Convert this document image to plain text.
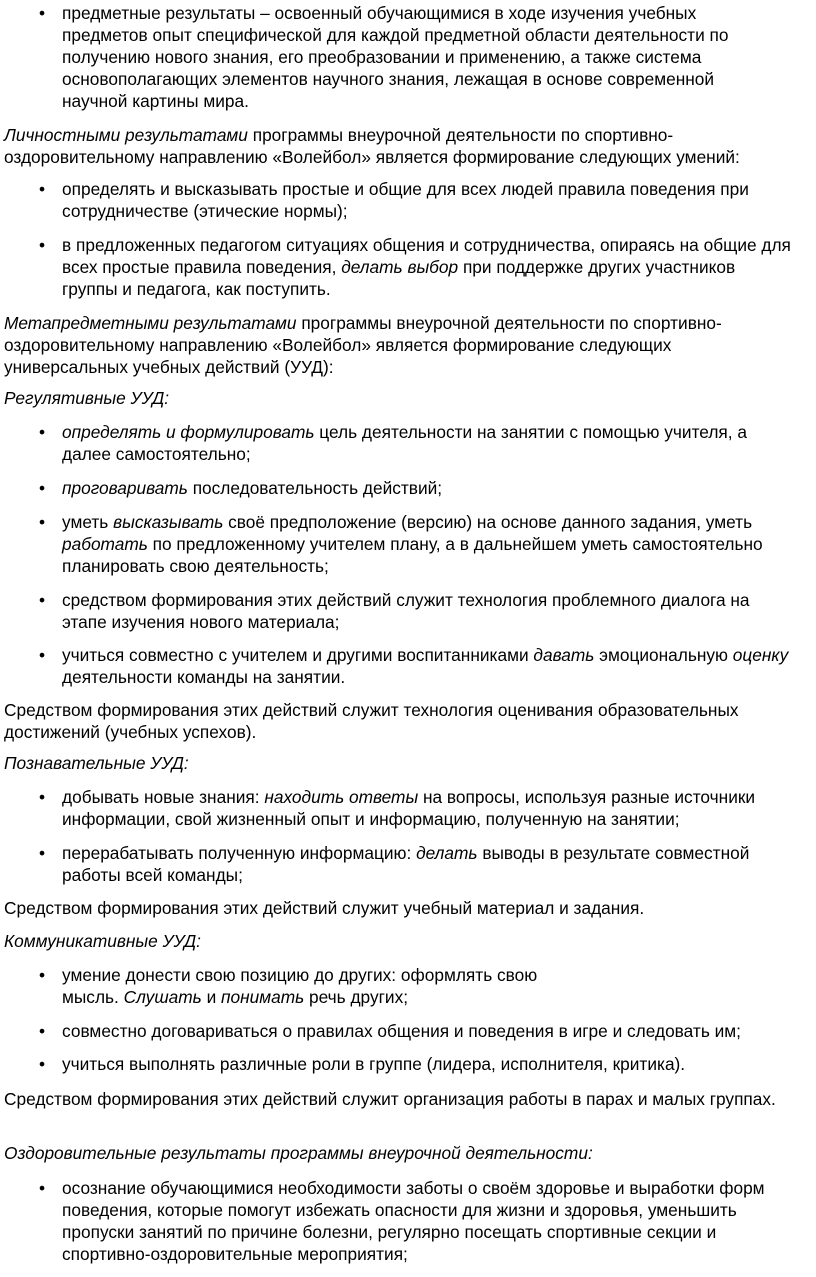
• предметные результаты – освоенный обучающимися в ходе изучения учебных предметов опыт специфической для каждой предметной области деятельности по получению нового знания, его преобразовании и применению, а также система основополагающих элементов научного знания, лежащая в основе современной научной картины мира.

Личностными результатами программы внеурочной деятельности по спортивно-оздоровительному направлению «Волейбол» является формирование следующих умений:

• определять и высказывать простые и общие для всех людей правила поведения при сотрудничестве (этические нормы);
• в предложенных педагогом ситуациях общения и сотрудничества, опираясь на общие для всех простые правила поведения, делать выбор при поддержке других участников группы и педагога, как поступить.

Метапредметными результатами программы внеурочной деятельности по спортивно-оздоровительному направлению «Волейбол» является формирование следующих универсальных учебных действий (УУД):

Регулятивные УУД:

• определять и формулировать цель деятельности на занятии с помощью учителя, а далее самостоятельно;
• проговаривать последовательность действий;
• уметь высказывать своё предположение (версию) на основе данного задания, уметь работать по предложенному учителем плану, а в дальнейшем уметь самостоятельно планировать свою деятельность;
• средством формирования этих действий служит технология проблемного диалога на этапе изучения нового материала;
• учиться совместно с учителем и другими воспитанниками давать эмоциональную оценку деятельности команды на занятии.

Средством формирования этих действий служит технология оценивания образовательных достижений (учебных успехов).

Познавательные УУД:

• добывать новые знания: находить ответы на вопросы, используя разные источники информации, свой жизненный опыт и информацию, полученную на занятии;
• перерабатывать полученную информацию: делать выводы в результате совместной работы всей команды;

Средством формирования этих действий служит учебный материал и задания.

Коммуникативные УУД:

• умение донести свою позицию до других: оформлять свою мысль. Слушать и понимать речь других;
• совместно договариваться о правилах общения и поведения в игре и следовать им;
• учиться выполнять различные роли в группе (лидера, исполнителя, критика).

Средством формирования этих действий служит организация работы в парах и малых группах.

Оздоровительные результаты программы внеурочной деятельности:

• осознание обучающимися необходимости заботы о своём здоровье и выработки форм поведения, которые помогут избежать опасности для жизни и здоровья, уменьшить пропуски занятий по причине болезни, регулярно посещать спортивные секции и спортивно-оздоровительные мероприятия;
